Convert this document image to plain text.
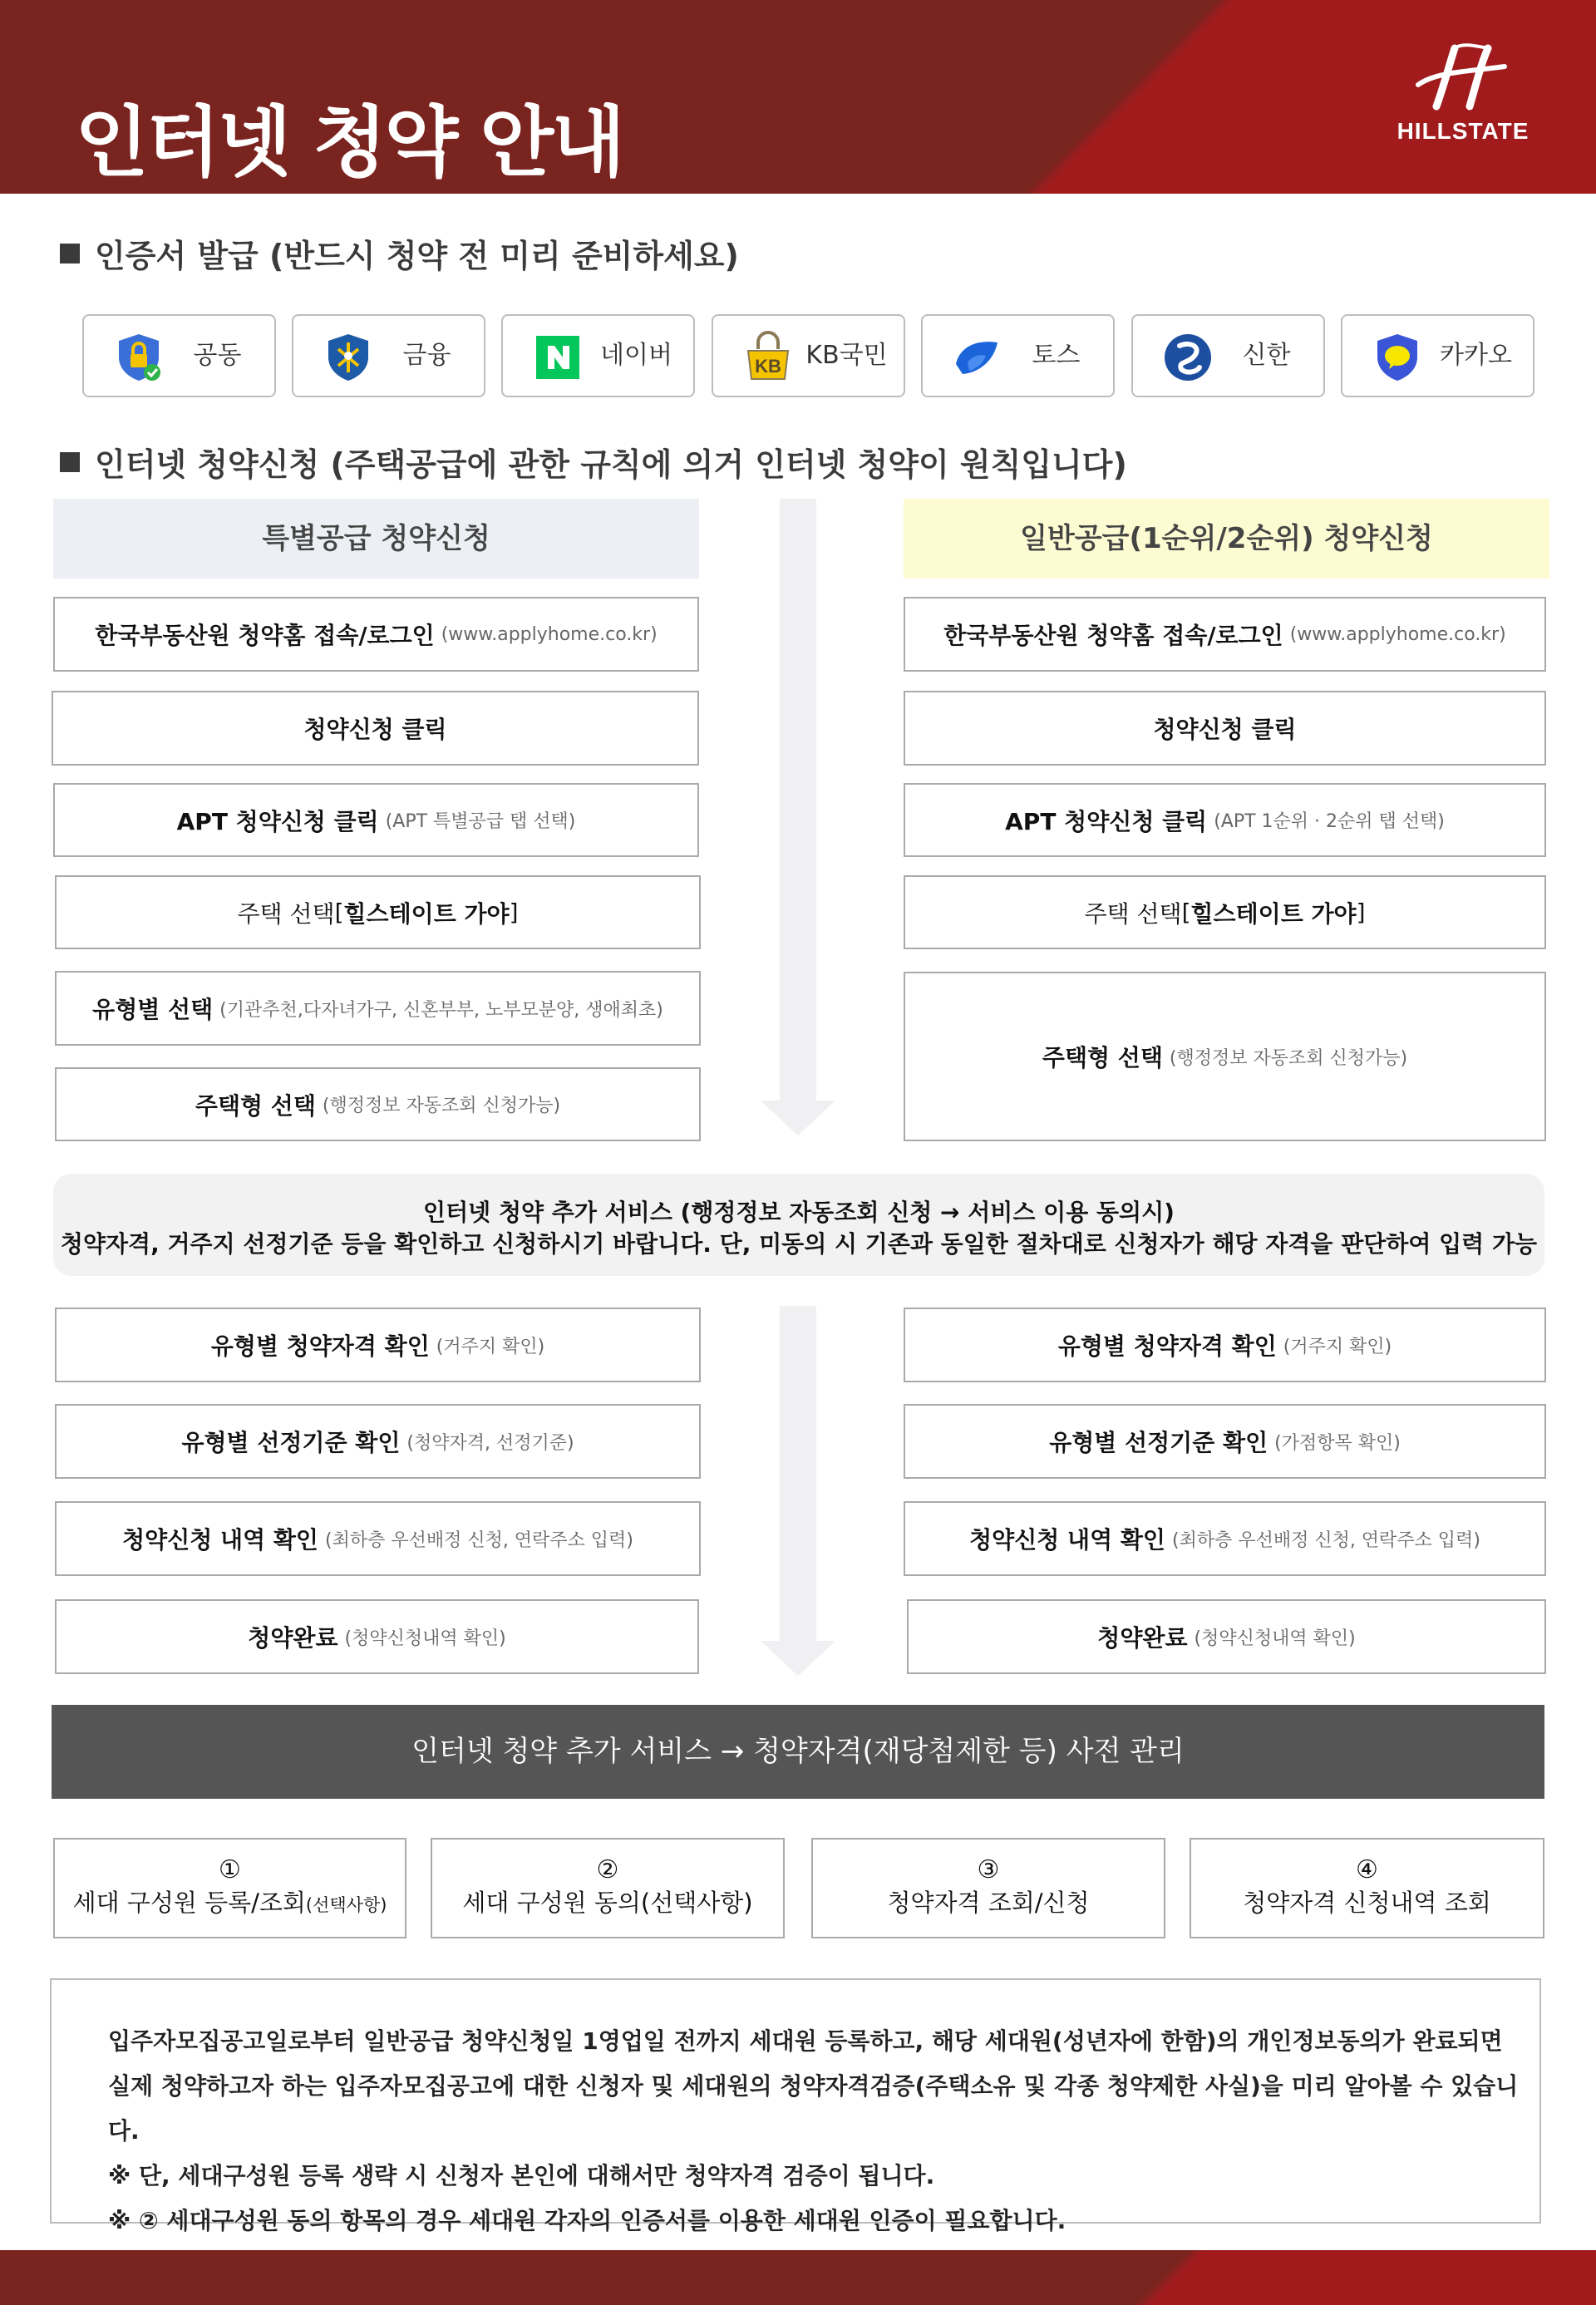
인터넷 청약 안내	HILLSTATE
인증서 발급 (반드시 청약 전 미리 준비하세요)
공동	금융	네이버	KB KB국민	토스	신한	카카오
인터넷 청약신청 (주택공급에 관한 규칙에 의거 인터넷 청약이 원칙입니다)
특별공급 청약신청	일반공급(1순위/2순위) 청약신청
한국부동산원 청약홈 접속/로그인 (www.applyhome.co.kr)
청약신청 클릭
APT 청약신청 클릭 (APT 특별공급 탭 선택)
주택 선택 [ 힐스테이트 가야 ]
유형별 선택 (기관추천,다자녀가구, 신혼부부, 노부모분양, 생애최초)
주택형 선택 (행정정보 자동조회 신청가능)
한국부동산원 청약홈 접속/로그인 (www.applyhome.co.kr)
청약신청 클릭
APT 청약신청 클릭 (APT 1순위 · 2순위 탭 선택)
주택 선택 [ 힐스테이트 가야 ]
주택형 선택 (행정정보 자동조회 신청가능)
인터넷 청약 추가 서비스 (행정정보 자동조회 신청 → 서비스 이용 동의시)
청약자격, 거주지 선정기준 등을 확인하고 신청하시기 바랍니다. 단, 미동의 시 기존과 동일한 절차대로 신청자가 해당 자격을 판단하여 입력 가능
유형별 청약자격 확인 (거주지 확인)
유형별 선정기준 확인 (청약자격, 선정기준)
청약신청 내역 확인 (최하층 우선배정 신청, 연락주소 입력)
청약완료 (청약신청내역 확인)
유형별 청약자격 확인 (거주지 확인)
유형별 선정기준 확인 (가점항목 확인)
청약신청 내역 확인 (최하층 우선배정 신청, 연락주소 입력)
청약완료 (청약신청내역 확인)
인터넷 청약 추가 서비스 → 청약자격(재당첨제한 등) 사전 관리
①
세대 구성원 등록/조회(선택사항)
②
세대 구성원 동의(선택사항)
③
청약자격 조회/신청
④
청약자격 신청내역 조회
입주자모집공고일로부터 일반공급 청약신청일 1영업일 전까지 세대원 등록하고, 해당 세대원(성년자에 한함)의 개인정보동의가 완료되면
실제 청약하고자 하는 입주자모집공고에 대한 신청자 및 세대원의 청약자격검증(주택소유 및 각종 청약제한 사실)을 미리 알아볼 수 있습니다.
※ 단, 세대구성원 등록 생략 시 신청자 본인에 대해서만 청약자격 검증이 됩니다.
※ ② 세대구성원 동의 항목의 경우 세대원 각자의 인증서를 이용한 세대원 인증이 필요합니다.
